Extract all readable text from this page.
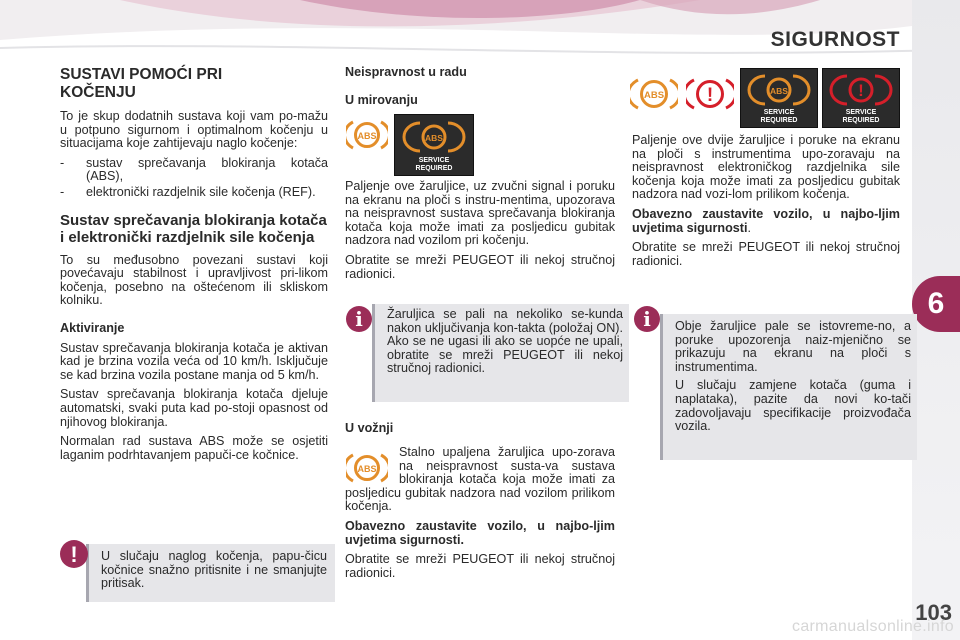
SIGURNOST
6
SUSTAVI POMOĆI PRI KOČENJU

To je skup dodatnih sustava koji vam po-mažu u potpuno sigurnom i optimalnom kočenju u situacijama koje zahtijevaju naglo kočenje:

- sustav sprečavanja blokiranja kotača (ABS),
- elektronički razdjelnik sile kočenja (REF).
Sustav sprečavanja blokiranja kotača i elektronički razdjelnik sile kočenja

To su međusobno povezani sustavi koji povećavaju stabilnost i upravljivost pri-likom kočenja, posebno na oštećenom ili skliskom kolniku.

Aktiviranje

Sustav sprečavanja blokiranja kotača je aktivan kad je brzina vozila veća od 10 km/h. Isključuje se kad brzina vozila postane manja od 5 km/h.

Sustav sprečavanja blokiranja kotača djeluje automatski, svaki puta kad po-stoji opasnost od njihovog blokiranja.

Normalan rad sustava ABS može se osjetiti laganim podrhtavanjem papuči-ce kočnice.

U slučaju naglog kočenja, papu-čicu kočnice snažno pritisnite i ne smanjujte pritisak.

!
Neispravnost u radu
U mirovanju
ABS	ABS
SERVICE
REQUIRED

Paljenje ove žaruljice, uz zvučni signal i poruku na ekranu na ploči s instru-mentima, upozorava na neispravnost sustava sprečavanja blokiranja kotača koja može imati za posljedicu gubitak nadzora nad vozilom pri kočenju.

Obratite se mreži PEUGEOT ili nekoj stručnoj radionici.

Žaruljica se pali na nekoliko se-kunda nakon uključivanja kon-takta (položaj ON). Ako se ne ugasi ili ako se uopće ne upali, obratite se mreži PEUGEOT ili nekoj stručnoj radionici.

i
U vožnji
ABS

Stalno upaljena žaruljica upo-zorava na neispravnost susta-va sustava blokiranja kotača koja može imati za posljedicu gubitak nadzora nad vozilom prilikom kočenja.

Obavezno zaustavite vozilo, u najbo-ljim uvjetima sigurnosti.

Obratite se mreži PEUGEOT ili nekoj stručnoj radionici.

ABS !	ABS
SERVICE
REQUIRED
!
SERVICE
REQUIRED

Paljenje ove dvije žaruljice i poruke na ekranu na ploči s instrumentima upo-zoravaju na neispravnost elektroničkog razdjelnika sile kočenja koja može imati za posljedicu gubitak nadzora nad vozi-lom prilikom kočenja.

Obavezno zaustavite vozilo, u najbo-ljim uvjetima sigurnosti.

Obratite se mreži PEUGEOT ili nekoj stručnoj radionici.

Obje žaruljice pale se istovreme-no, a poruke upozorenja naiz-mjenično se prikazuju na ekranu na ploči s instrumentima.

U slučaju zamjene kotača (guma i naplataka), pazite da novi ko-tači zadovoljavaju specifikacije proizvođača vozila.

i
103
carmanualsonline.info
